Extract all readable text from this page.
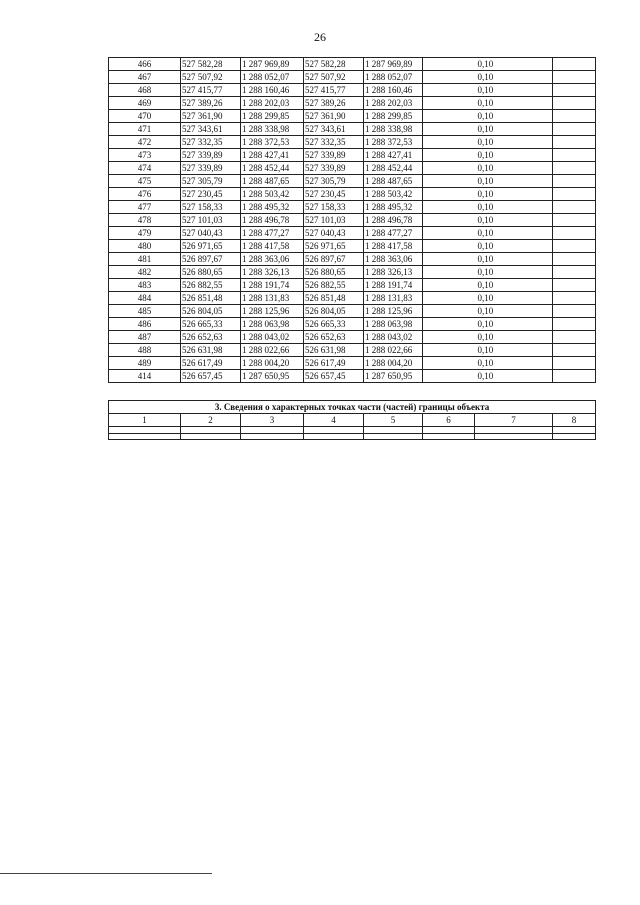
26
466	527 582,28	1 287 969,89	527 582,28	1 287 969,89		0,10	
467	527 507,92	1 288 052,07	527 507,92	1 288 052,07		0,10	
468	527 415,77	1 288 160,46	527 415,77	1 288 160,46		0,10	
469	527 389,26	1 288 202,03	527 389,26	1 288 202,03		0,10	
470	527 361,90	1 288 299,85	527 361,90	1 288 299,85		0,10	
471	527 343,61	1 288 338,98	527 343,61	1 288 338,98		0,10	
472	527 332,35	1 288 372,53	527 332,35	1 288 372,53		0,10	
473	527 339,89	1 288 427,41	527 339,89	1 288 427,41		0,10	
474	527 339,89	1 288 452,44	527 339,89	1 288 452,44		0,10	
475	527 305,79	1 288 487,65	527 305,79	1 288 487,65		0,10	
476	527 230,45	1 288 503,42	527 230,45	1 288 503,42		0,10	
477	527 158,33	1 288 495,32	527 158,33	1 288 495,32		0,10	
478	527 101,03	1 288 496,78	527 101,03	1 288 496,78		0,10	
479	527 040,43	1 288 477,27	527 040,43	1 288 477,27		0,10	
480	526 971,65	1 288 417,58	526 971,65	1 288 417,58		0,10	
481	526 897,67	1 288 363,06	526 897,67	1 288 363,06		0,10	
482	526 880,65	1 288 326,13	526 880,65	1 288 326,13		0,10	
483	526 882,55	1 288 191,74	526 882,55	1 288 191,74		0,10	
484	526 851,48	1 288 131,83	526 851,48	1 288 131,83		0,10	
485	526 804,05	1 288 125,96	526 804,05	1 288 125,96		0,10	
486	526 665,33	1 288 063,98	526 665,33	1 288 063,98		0,10	
487	526 652,63	1 288 043,02	526 652,63	1 288 043,02		0,10	
488	526 631,98	1 288 022,66	526 631,98	1 288 022,66		0,10	
489	526 617,49	1 288 004,20	526 617,49	1 288 004,20		0,10	
414	526 657,45	1 287 650,95	526 657,45	1 287 650,95		0,10	
3. Сведения о характерных точках части (частей) границы объекта							
1	2	3	4	5	6	7	8
—	—	—	—	—	—	—	—
